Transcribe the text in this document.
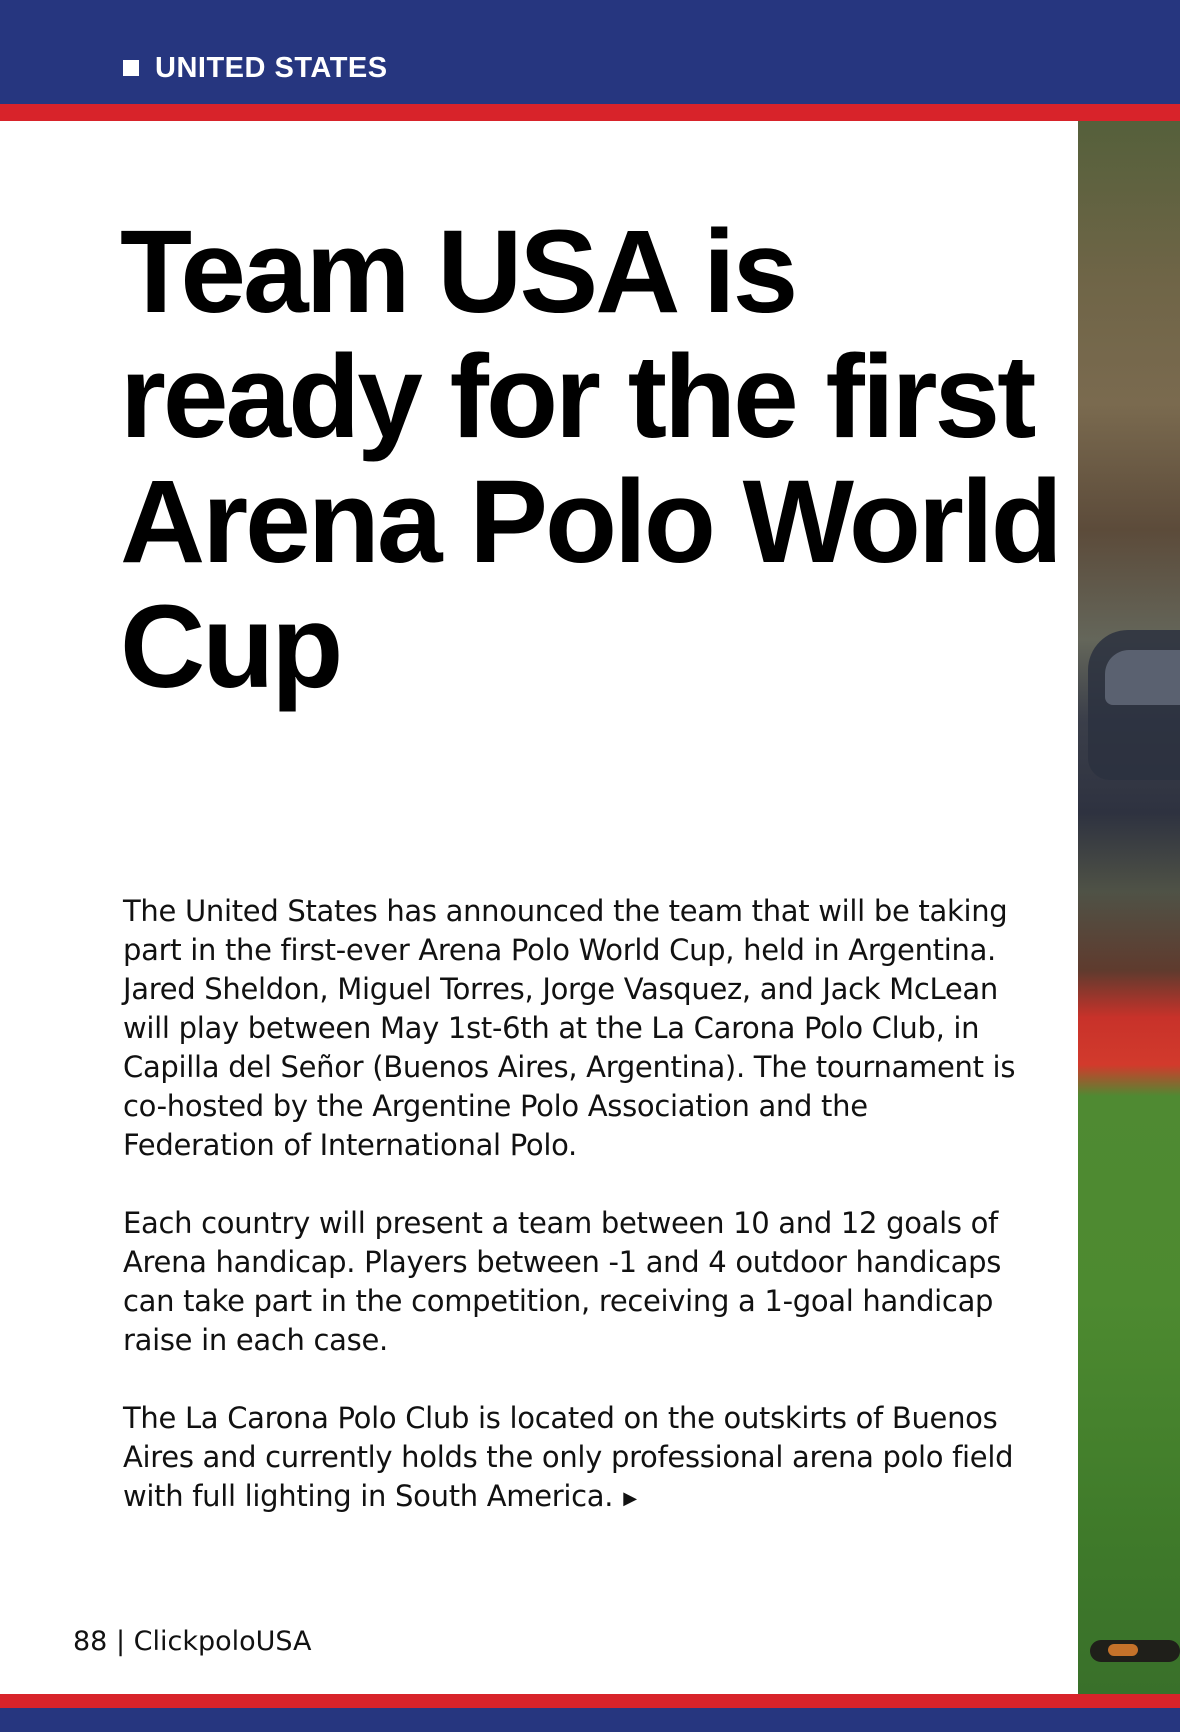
UNITED STATES
Team USA is ready for the first Arena Polo World Cup

The United States has announced the team that will be taking part in the first-ever Arena Polo World Cup, held in Argentina. Jared Sheldon, Miguel Torres, Jorge Vasquez, and Jack McLean will play between May 1st-6th at the La Carona Polo Club, in Capilla del Señor (Buenos Aires, Argentina). The tournament is co-hosted by the Argentine Polo Association and the Federation of International Polo.

Each country will present a team between 10 and 12 goals of Arena handicap. Players between -1 and 4 outdoor handicaps can take part in the competition, receiving a 1-goal handicap raise in each case.

The La Carona Polo Club is located on the outskirts of Buenos Aires and currently holds the only professional arena polo field with full lighting in South America. ▶

88 | ClickpoloUSA
